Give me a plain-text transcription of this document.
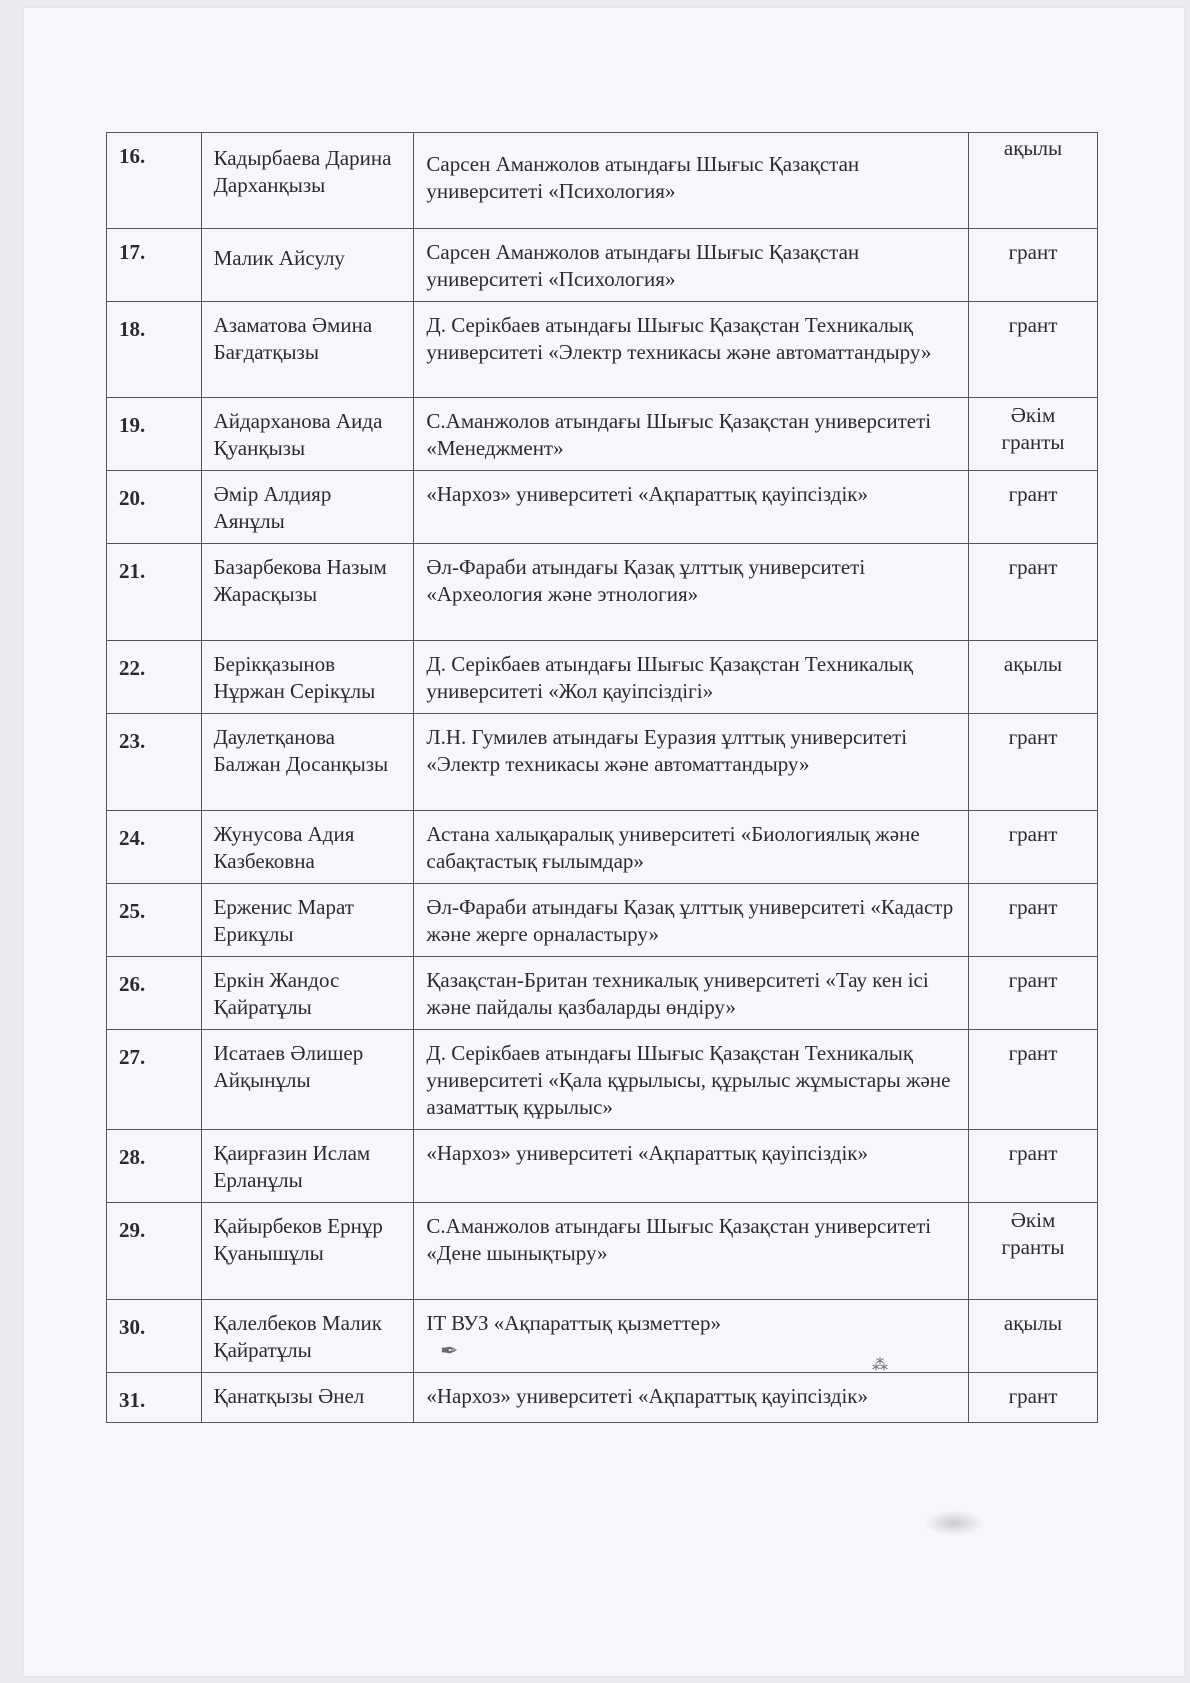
16.	Кадырбаева Дарина Дарханқызы	Сарсен Аманжолов атындағы Шығыс Қазақстан университеті «Психология»	ақылы
17.	Малик Айсулу	Сарсен Аманжолов атындағы Шығыс Қазақстан университеті «Психология»	грант
18.	Азаматова Әмина Бағдатқызы	Д. Серікбаев атындағы Шығыс Қазақстан Техникалық университеті «Электр техникасы және автоматтандыру»	грант
19.	Айдарханова Аида Қуанқызы	С.Аманжолов атындағы Шығыс Қазақстан университеті «Менеджмент»	Әкім гранты
20.	Әмір Алдияр Аянұлы	«Нархоз» университеті «Ақпараттық қауіпсіздік»	грант
21.	Базарбекова Назым Жарасқызы	Әл-Фараби атындағы Қазақ ұлттық университеті «Археология және этнология»	грант
22.	Берікқазынов Нұржан Серікұлы	Д. Серікбаев атындағы Шығыс Қазақстан Техникалық университеті «Жол қауіпсіздігі»	ақылы
23.	Даулетқанова Балжан Досанқызы	Л.Н. Гумилев атындағы Еуразия ұлттық университеті «Электр техникасы және автоматтандыру»	грант
24.	Жунусова Адия Казбековна	Астана халықаралық университеті «Биологиялық және сабақтастық ғылымдар»	грант
25.	Ерженис Марат Ерикұлы	Әл-Фараби атындағы Қазақ ұлттық университеті «Кадастр және жерге орналастыру»	грант
26.	Еркін Жандос Қайратұлы	Қазақстан-Британ техникалық университеті «Тау кен ісі және пайдалы қазбаларды өндіру»	грант
27.	Исатаев Әлишер Айқынұлы	Д. Серікбаев атындағы Шығыс Қазақстан Техникалық университеті «Қала құрылысы, құрылыс жұмыстары және азаматтық құрылыс»	грант
28.	Қаирғазин Ислам Ерланұлы	«Нархоз» университеті «Ақпараттық қауіпсіздік»	грант
29.	Қайырбеков Ернұр Қуанышұлы	С.Аманжолов атындағы Шығыс Қазақстан университеті «Дене шынықтыру»	Әкім гранты
30.	Қалелбеков Малик Қайратұлы	IT ВУЗ «Ақпараттық қызметтер»	ақылы
31.	Қанатқызы Әнел	«Нархоз» университеті «Ақпараттық қауіпсіздік»	грант
✒
⁂
